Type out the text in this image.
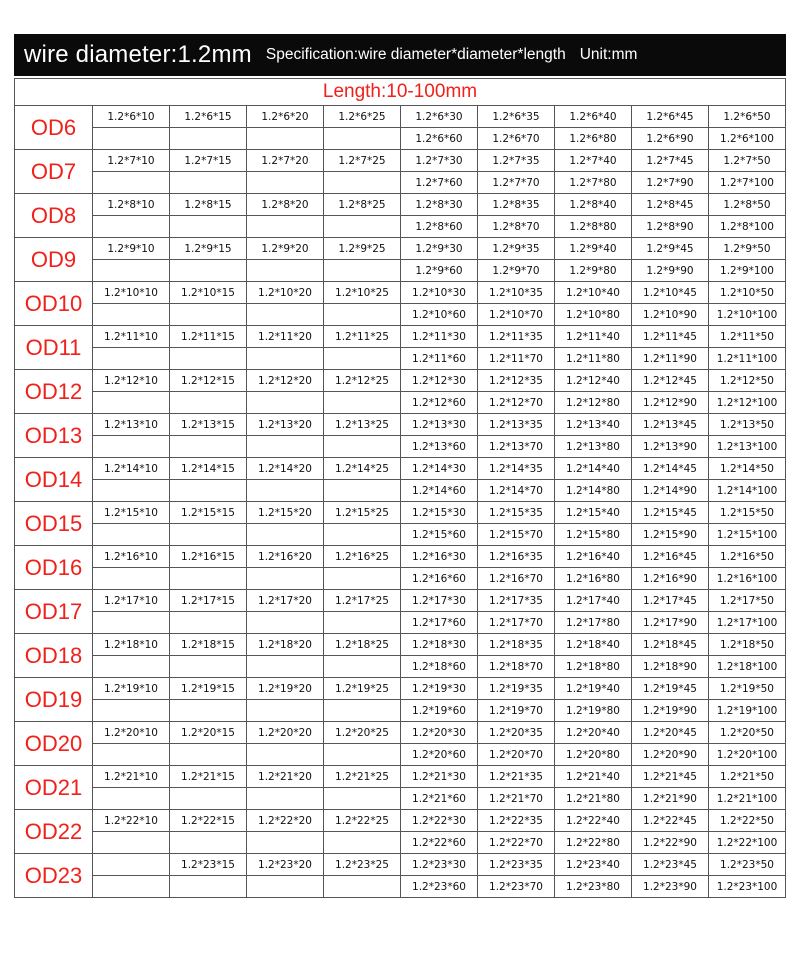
wire diameter:1.2mm Specification:wire diameter*diameter*length Unit:mm
Length:10-100mm									
OD6	1.2*6*10	1.2*6*15	1.2*6*20	1.2*6*25	1.2*6*30	1.2*6*35	1.2*6*40	1.2*6*45	1.2*6*50
					1.2*6*60	1.2*6*70	1.2*6*80	1.2*6*90	1.2*6*100
OD7	1.2*7*10	1.2*7*15	1.2*7*20	1.2*7*25	1.2*7*30	1.2*7*35	1.2*7*40	1.2*7*45	1.2*7*50
					1.2*7*60	1.2*7*70	1.2*7*80	1.2*7*90	1.2*7*100
OD8	1.2*8*10	1.2*8*15	1.2*8*20	1.2*8*25	1.2*8*30	1.2*8*35	1.2*8*40	1.2*8*45	1.2*8*50
					1.2*8*60	1.2*8*70	1.2*8*80	1.2*8*90	1.2*8*100
OD9	1.2*9*10	1.2*9*15	1.2*9*20	1.2*9*25	1.2*9*30	1.2*9*35	1.2*9*40	1.2*9*45	1.2*9*50
					1.2*9*60	1.2*9*70	1.2*9*80	1.2*9*90	1.2*9*100
OD10	1.2*10*10	1.2*10*15	1.2*10*20	1.2*10*25	1.2*10*30	1.2*10*35	1.2*10*40	1.2*10*45	1.2*10*50
					1.2*10*60	1.2*10*70	1.2*10*80	1.2*10*90	1.2*10*100
OD11	1.2*11*10	1.2*11*15	1.2*11*20	1.2*11*25	1.2*11*30	1.2*11*35	1.2*11*40	1.2*11*45	1.2*11*50
					1.2*11*60	1.2*11*70	1.2*11*80	1.2*11*90	1.2*11*100
OD12	1.2*12*10	1.2*12*15	1.2*12*20	1.2*12*25	1.2*12*30	1.2*12*35	1.2*12*40	1.2*12*45	1.2*12*50
					1.2*12*60	1.2*12*70	1.2*12*80	1.2*12*90	1.2*12*100
OD13	1.2*13*10	1.2*13*15	1.2*13*20	1.2*13*25	1.2*13*30	1.2*13*35	1.2*13*40	1.2*13*45	1.2*13*50
					1.2*13*60	1.2*13*70	1.2*13*80	1.2*13*90	1.2*13*100
OD14	1.2*14*10	1.2*14*15	1.2*14*20	1.2*14*25	1.2*14*30	1.2*14*35	1.2*14*40	1.2*14*45	1.2*14*50
					1.2*14*60	1.2*14*70	1.2*14*80	1.2*14*90	1.2*14*100
OD15	1.2*15*10	1.2*15*15	1.2*15*20	1.2*15*25	1.2*15*30	1.2*15*35	1.2*15*40	1.2*15*45	1.2*15*50
					1.2*15*60	1.2*15*70	1.2*15*80	1.2*15*90	1.2*15*100
OD16	1.2*16*10	1.2*16*15	1.2*16*20	1.2*16*25	1.2*16*30	1.2*16*35	1.2*16*40	1.2*16*45	1.2*16*50
					1.2*16*60	1.2*16*70	1.2*16*80	1.2*16*90	1.2*16*100
OD17	1.2*17*10	1.2*17*15	1.2*17*20	1.2*17*25	1.2*17*30	1.2*17*35	1.2*17*40	1.2*17*45	1.2*17*50
					1.2*17*60	1.2*17*70	1.2*17*80	1.2*17*90	1.2*17*100
OD18	1.2*18*10	1.2*18*15	1.2*18*20	1.2*18*25	1.2*18*30	1.2*18*35	1.2*18*40	1.2*18*45	1.2*18*50
					1.2*18*60	1.2*18*70	1.2*18*80	1.2*18*90	1.2*18*100
OD19	1.2*19*10	1.2*19*15	1.2*19*20	1.2*19*25	1.2*19*30	1.2*19*35	1.2*19*40	1.2*19*45	1.2*19*50
					1.2*19*60	1.2*19*70	1.2*19*80	1.2*19*90	1.2*19*100
OD20	1.2*20*10	1.2*20*15	1.2*20*20	1.2*20*25	1.2*20*30	1.2*20*35	1.2*20*40	1.2*20*45	1.2*20*50
					1.2*20*60	1.2*20*70	1.2*20*80	1.2*20*90	1.2*20*100
OD21	1.2*21*10	1.2*21*15	1.2*21*20	1.2*21*25	1.2*21*30	1.2*21*35	1.2*21*40	1.2*21*45	1.2*21*50
					1.2*21*60	1.2*21*70	1.2*21*80	1.2*21*90	1.2*21*100
OD22	1.2*22*10	1.2*22*15	1.2*22*20	1.2*22*25	1.2*22*30	1.2*22*35	1.2*22*40	1.2*22*45	1.2*22*50
					1.2*22*60	1.2*22*70	1.2*22*80	1.2*22*90	1.2*22*100
OD23		1.2*23*15	1.2*23*20	1.2*23*25	1.2*23*30	1.2*23*35	1.2*23*40	1.2*23*45	1.2*23*50
					1.2*23*60	1.2*23*70	1.2*23*80	1.2*23*90	1.2*23*100
